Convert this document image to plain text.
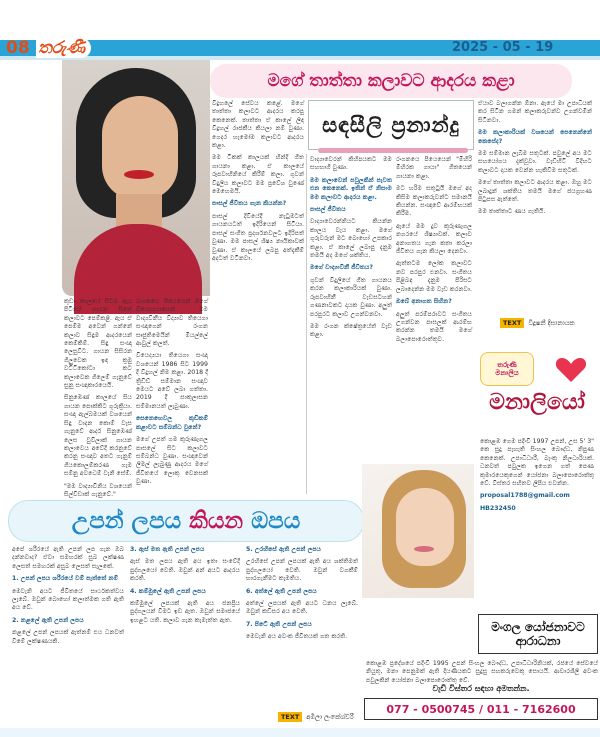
08 තරුණී	2025 - 05 - 19
මගේ තාත්තා කලාවට ආදරය කළා
සඳසීලි ප්‍රනාන්දු

කුඩා කාලයේ සිටම ඇය පිටියේ ගායන සිතේ කලාවට පෙම්කළී. ඇය ඒ පෙම්ම අවෙන් ගන්නේ කලාව සිඳුම ආදරයෙන් කෙම්කිම්. සිඳු සංඥා ලෙසුවිට. ගායන සිසිරන ගිලුවෙක ඉඳ ක්‍රමු වට්ටිකෝටා කට කලාවෙක ගිලෙම් ගැනුවේ සුනු සංඥාකාරයෙයි.

සිනුඹෙණ් කාලයේ සිය ගායන පොක්කිට ගුරුක්‍රියා. සංඥා ඇල්බමයක් වශයෙන් සිඳු වාදන කොම් වැස ගැනුවේ ආදර් සිනුඹෙණ් ලෙස වුවිලාක් ගායන කලාවෙය අවේදී කරනුවේ කරනු සංඥාව අතට ගැනුම් ගීයකොලම්කරණ ගැම සම්නු අවධෙම් වැනි සේම්.

"මම වාද්‍යාවිනිය වශයෙන් සිල්විඩාක් ගැනුවේ."

රංගනයෙ පියෙයෙන් මගේ වියෙද්‍යයායෙන් මම වාද්‍යවිනීය විද්‍යාව තියෙගා සංඥාගෙන් රංගන සෘජුතිමෙයින් මියල්ලේ ආවුල් කලත්.

වියෙද්‍යයා තියෙගා සංඥා වශයෙන් 1986 සිට 1999 දී විදුහල් නිම කළා. 2018 දී ත්‍රිඩිඩ් සම්මාන සංඥාව මෙයට අවේ ලබා ගත්තා. 2019 දී සාකුලාසන සම්මානයත් ලැබුණා.

සෙනෙහෙවල කුඩිකම් කළාවට සම්බන්ධ වුනේ?

මගේ උපත් ගම කුරුණෑගල පාසලේ සිට කලාවට සම්බන්ධ වුණා. සංඥාවෙන් ලිමල් ලැබුණු ආදරය මගේ ජීවිතයේ ලොකු වෙනසක් වුණා.

විදුහලේ සේවය කළේ. මගේ තාත්තා කලාවට ආදරය කරපු කෙනෙක්. තාත්තා ඒ කාලේ ලිඳ විදුහල් රාජකීය කියලා නම් වුණා. ගෙදර හැමෝම කලාවට ආදරය කළා.

මම ටිකක් කාලයක් හින්දි ගීත ගායනා කළා. ඒ කාලයේ රූපවාහිනියේ කිරීම් කලා. ගුවන් විදුලිය කලාවට මම ප්‍රවේශ වුණේ මෙහෙමයි.

පාසල් ජීවිතය ගැන කියන්න?

පාසල් දිවියේදී නැටුමටත් ගායනයටත් ඉදිරියෙන් සිටියා. පාසල් සංගීත ප්‍රදර්ශනවලට ඉදිරිපත් වුණා. මම පාසල් ශිෂ්‍ය නායිකාවක් වුණා. ඒ කාලයේ ලබපු අත්දැකීම් අදටත් වටිනවා.

වාද්‍යාවෙරන් කිහිපයකට මම සහභාගී වුණා.

මම කලාවෙන් පවුලකින් පැවත එන කෙනෙක්. ඉතින් ඒ නිසාම මම කලාවට ආදරය කළා.

පාසල් ජීවිතය

වාද්‍යාවෙරන්නියට කියන්න කාලය වැය කළා. මගේ ගුරුවරුන් මට බොහෝ උපකාර කළා. ඒ කාලේ ලබාපු දැනුම තමයි අද මගේ ශක්තිය.

මගේ වාද්‍යාවිනී ජීවිතය?

ගුවන් විදුලියේ ගීත ගායනය කරන කලාකාරියක් වුණා. රූපවාහිනී වැඩසටහන් ගණනාවකට දායක වුණා. අලුත් පරපුරට කලාව උගන්වනවා.

මම රංගන ක්ෂේත්‍රයේත් වැඩ කළා.

රංගනයෙ පියෙයෙන් "මිහිරි මිහිරක ගායා" ගීතයෙන් ගායනා කළා.

මට හරිම සතුටුයි මගේ අද කිසිම කලාකරුවන්ට සමානයි කියන්න. සංඥාවේ ආරම්භයක් කිරීම.

ඇයේ මම දුව කුරුණෑගල නගරයේ ශිෂ්‍යාවක්. කලාව අනාගතය ගැන කතා කරලා ජීවිතය ගැන කියලා දෙනවා.

ඇත්තටම ලෝක කලාවට නව පරපුර එනවා. සංගීතය පිළිබඳ දැනුම පිරිසට ලබාදෙන්න මම වැඩ කරනවා.

ඔබේ අනාගත සිහින?

අලුත් පරම්පරාවට සංගීතය උගන්වන පාසලක් ආරම්භ කරන්න තමයි මගේ බලාපොරොත්තුව.

ඒයාව බලාගන්න ඕනා. ඇයේ මා උපාධියක් කර සිටින ගමන් කලාකරුවන්ව උගන්වමින් සිටිනවා.

මම කලාකාරියක් වශයෙන් පෙනෙන්නේ කෙසේද?

මම සම්මාන ලැබීම සතුටක්. පවුලේ අය මට සහයෝගය දැක්වූවා. වැඩිහිටි විදිහට කලාවට දායක වෙන්න හැකිවීම සතුටක්.

මගේ තාත්තා කලාවට ආදරය කළා. ඔහු මට ලබාදුන් ශක්තිය තමයි මගේ ජයග්‍රහණ පිටුපස ඇත්තේ.

මම තාත්තාට ණය ගැතියි.

TEXT	විදූෂනී දිසානායක
තරුණී
මනාලිය
මනාලියෝ

කොළඹ ගෙම පදිංචි 1997 උපන්, උස 5' 3" කෙ සුදු පැහැති සිංහල බෞද්ධ, නිපුණ කෙනෙක්. උපාධිධාරී, බැංකු නිලධාරියක්. ධනවත් පවුලක ඉගෙන ගත් පෙණ කුමාරයෙකුගෙන් යෝජනා බලාපොරොත්තු වේ. විස්තර සහිතව ලිපිය එවන්න.

proposal1788@gmail.com

HB232450

උපන් ලපය කියන ඔපය

අපේ ශරීරයේ ඇති උපන් ලප ගැන ඔබ දන්නවාද? ඒවා සමහරක් සුබ ලක්ෂණ ලෙසත් සමහරක් අසුබ ලෙසත් සැලකේ.

1. උපන් ලපය ශරීරයේ වම් පැත්තේ නම්

මෙවැනි අයට ජීවිතයේ සාර්ථකත්වය ලැබේ. ඔවුන් බොහෝ කලාත්මක ගති ඇති අය වේ.

2. නළලේ ඇති උපන් ලපය

නළලේ උපන් ලපයක් ඇත්නම් එය ධනවත් වීමේ ලක්ෂණයකි.

3. ඇස් මත ඇති උපන් ලපය

ඇස් මත ලපය ඇති අය ඉතා සංවේදී පුද්ගලයෝ වෙති. ඔවුන් අන් අයට ආදරය කරති.

4. කම්මුලේ ඇති උපන් ලපය

කම්මුලේ ලපයක් ඇති අය ජනප්‍රිය පුද්ගලයන් වීමට ඉඩ ඇත. ඔවුන් සමාජයේ ඉහළට යති. කලාව ගැන කැමැත්ත ඇත.

5. උරහිසේ ඇති උපන් ලපය

උරහිසේ උපන් ලපයක් ඇති අය ශක්තිමත් පුද්ගලයෝ වෙති. ඔවුන් වගකීම් භාරගැනීමට කැමතිය.

6. අත්ලේ ඇති උපන් ලපය

අත්ලේ ලපයක් ඇති අයට ධනය ලැබේ. ඔවුන් කඩිසර අය වෙති.

7. පිටේ ඇති උපන් ලපය

මෙවැනි අය අවංක ජීවිතයක් ගත කරති.

TEXT	අමිලා ලංකේශ්වරී
මංගල යෝජනාවට ආරාධනා

කොළඹ ප්‍රදේශයේ පදිංචි 1995 උපන් සිංහල බෞද්ධ, උපාධිධාරිනියක්, රජයේ සේවයේ නියුතු, මනා පෙනුමක් ඇති දියණියකට සුදුසු සහකරුවෙකු සොයයි. ආචාරශීලී අවංක පවුලකින් යෝජනා බලාපොරොත්තු වේ.

වැඩි විස්තර සඳහා අමතන්න.
077 - 0500745 / 011 - 7162600
